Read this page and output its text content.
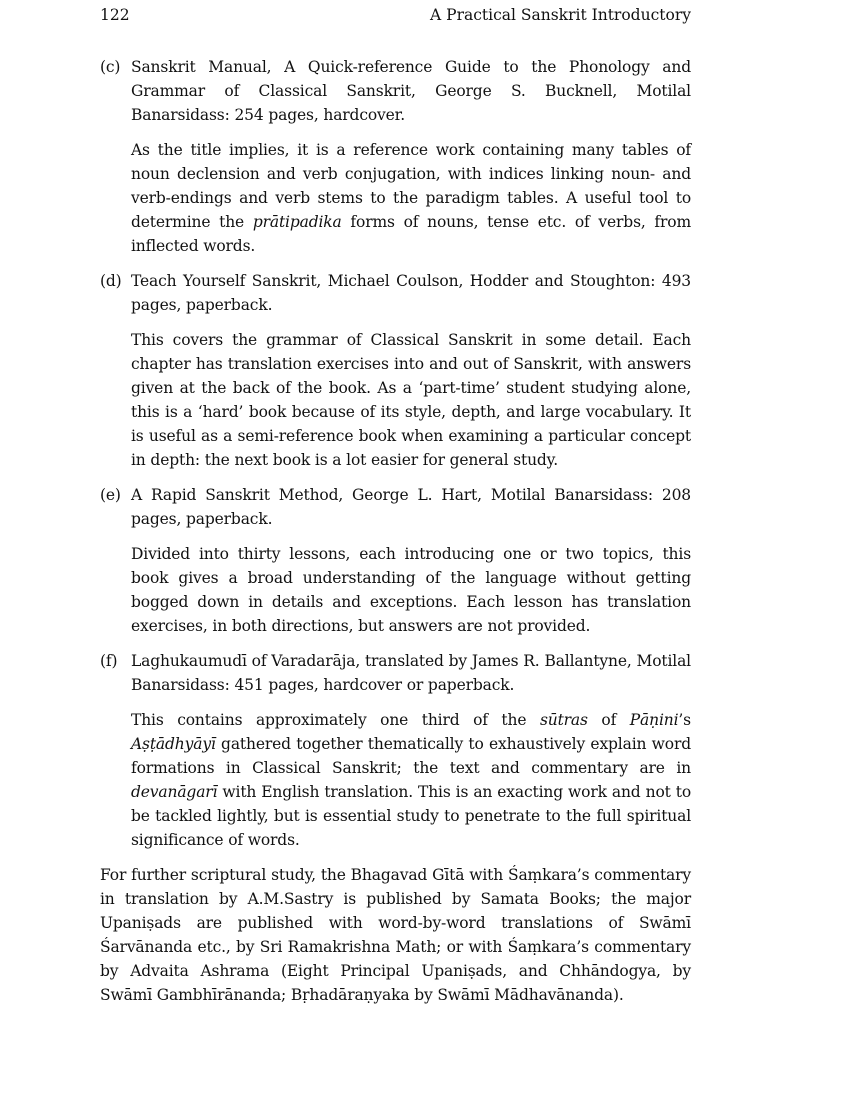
122	A Practical Sanskrit Introductory
(c) Sanskrit Manual, A Quick-reference Guide to the Phonology and Grammar of Classical Sanskrit, George S. Bucknell, Motilal Banarsidass: 254 pages, hardcover.

As the title implies, it is a reference work containing many tables of noun declension and verb conjugation, with indices linking noun- and verb-endings and verb stems to the paradigm tables. A useful tool to determine the prātipadika forms of nouns, tense etc. of verbs, from inflected words.

(d) Teach Yourself Sanskrit, Michael Coulson, Hodder and Stoughton: 493 pages, paperback.

This covers the grammar of Classical Sanskrit in some detail. Each chapter has translation exercises into and out of Sanskrit, with answers given at the back of the book. As a ‘part-time’ student studying alone, this is a ‘hard’ book because of its style, depth, and large vocabulary. It is useful as a semi-reference book when examining a particular concept in depth: the next book is a lot easier for general study.

(e) A Rapid Sanskrit Method, George L. Hart, Motilal Banarsidass: 208 pages, paperback.

Divided into thirty lessons, each introducing one or two topics, this book gives a broad understanding of the language without getting bogged down in details and exceptions. Each lesson has translation exercises, in both directions, but answers are not provided.

(f) Laghukaumudī of Varadarāja, translated by James R. Ballantyne, Motilal Banarsidass: 451 pages, hardcover or paperback.

This contains approximately one third of the sūtras of Pāṇini’s Aṣṭādhyāyī gathered together thematically to exhaustively explain word formations in Classical Sanskrit; the text and commentary are in devanāgarī with English translation. This is an exacting work and not to be tackled lightly, but is essential study to penetrate to the full spiritual significance of words.

For further scriptural study, the Bhagavad Gītā with Śaṃkara’s commentary in translation by A.M.Sastry is published by Samata Books; the major Upaniṣads are published with word-by-word translations of Swāmī Śarvānanda etc., by Sri Ramakrishna Math; or with Śaṃkara’s commentary by Advaita Ashrama (Eight Principal Upaniṣads, and Chhāndogya, by Swāmī Gambhīrānanda; Bṛhadāraṇyaka by Swāmī Mādhavānanda).
